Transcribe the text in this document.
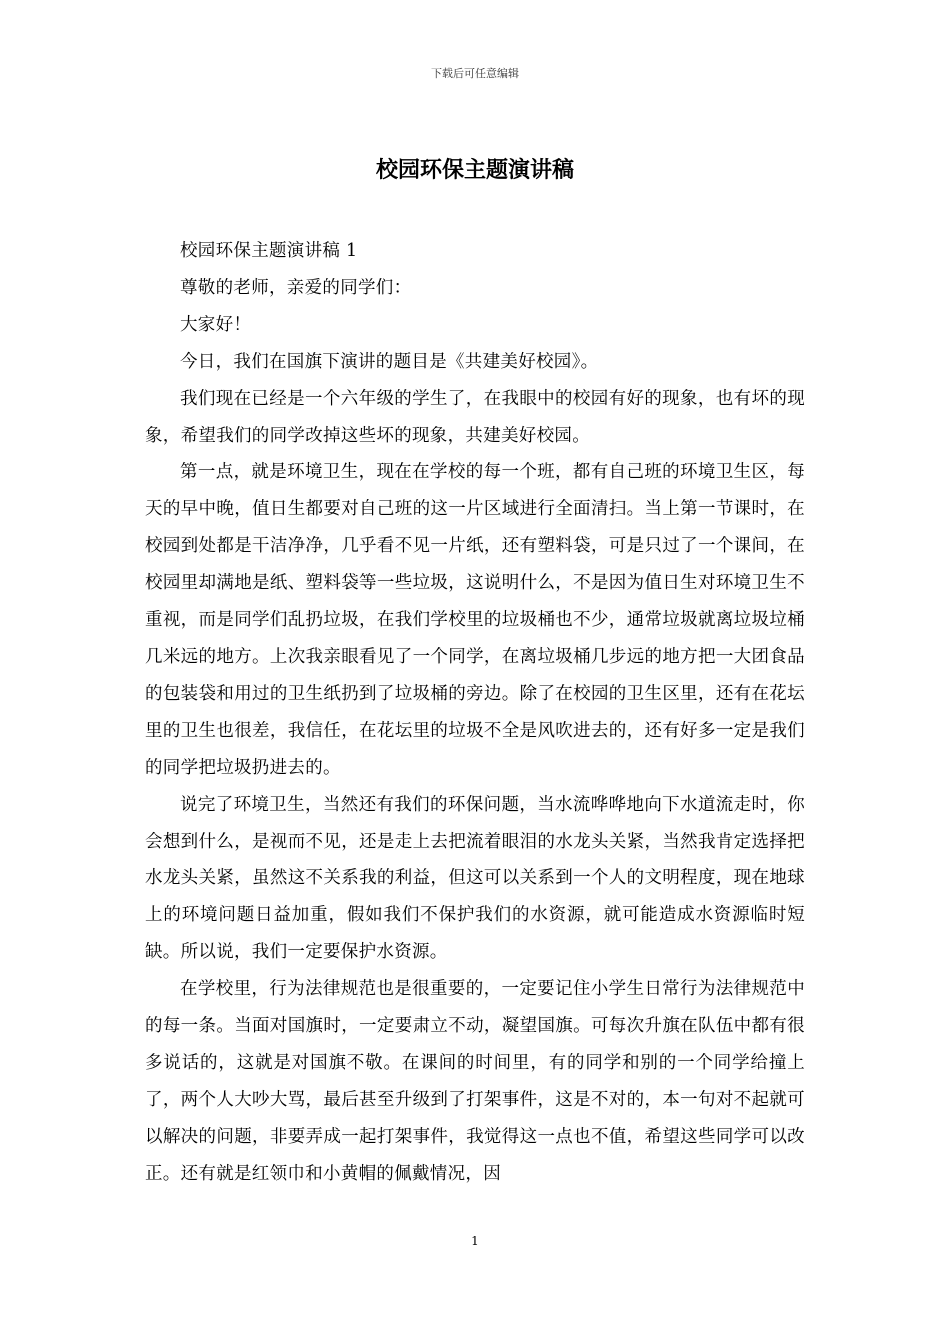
下载后可任意编辑
校园环保主题演讲稿

校园环保主题演讲稿 1

尊敬的老师，亲爱的同学们：

大家好！

今日，我们在国旗下演讲的题目是《共建美好校园》。

我们现在已经是一个六年级的学生了，在我眼中的校园有好的现象，也有坏的现象，希望我们的同学改掉这些坏的现象，共建美好校园。

第一点，就是环境卫生，现在在学校的每一个班，都有自己班的环境卫生区，每天的早中晚，值日生都要对自己班的这一片区域进行全面清扫。当上第一节课时，在校园到处都是干洁净净，几乎看不见一片纸，还有塑料袋，可是只过了一个课间，在校园里却满地是纸、塑料袋等一些垃圾，这说明什么，不是因为值日生对环境卫生不重视，而是同学们乱扔垃圾，在我们学校里的垃圾桶也不少，通常垃圾就离垃圾垃桶几米远的地方。上次我亲眼看见了一个同学，在离垃圾桶几步远的地方把一大团食品的包装袋和用过的卫生纸扔到了垃圾桶的旁边。除了在校园的卫生区里，还有在花坛里的卫生也很差，我信任，在花坛里的垃圾不全是风吹进去的，还有好多一定是我们的同学把垃圾扔进去的。

说完了环境卫生，当然还有我们的环保问题，当水流哗哗地向下水道流走时，你会想到什么，是视而不见，还是走上去把流着眼泪的水龙头关紧，当然我肯定选择把水龙头关紧，虽然这不关系我的利益，但这可以关系到一个人的文明程度，现在地球上的环境问题日益加重，假如我们不保护我们的水资源，就可能造成水资源临时短缺。所以说，我们一定要保护水资源。

在学校里，行为法律规范也是很重要的，一定要记住小学生日常行为法律规范中的每一条。当面对国旗时，一定要肃立不动，凝望国旗。可每次升旗在队伍中都有很多说话的，这就是对国旗不敬。在课间的时间里，有的同学和别的一个同学给撞上了，两个人大吵大骂，最后甚至升级到了打架事件，这是不对的，本一句对不起就可以解决的问题，非要弄成一起打架事件，我觉得这一点也不值，希望这些同学可以改正。还有就是红领巾和小黄帽的佩戴情况，因

1
